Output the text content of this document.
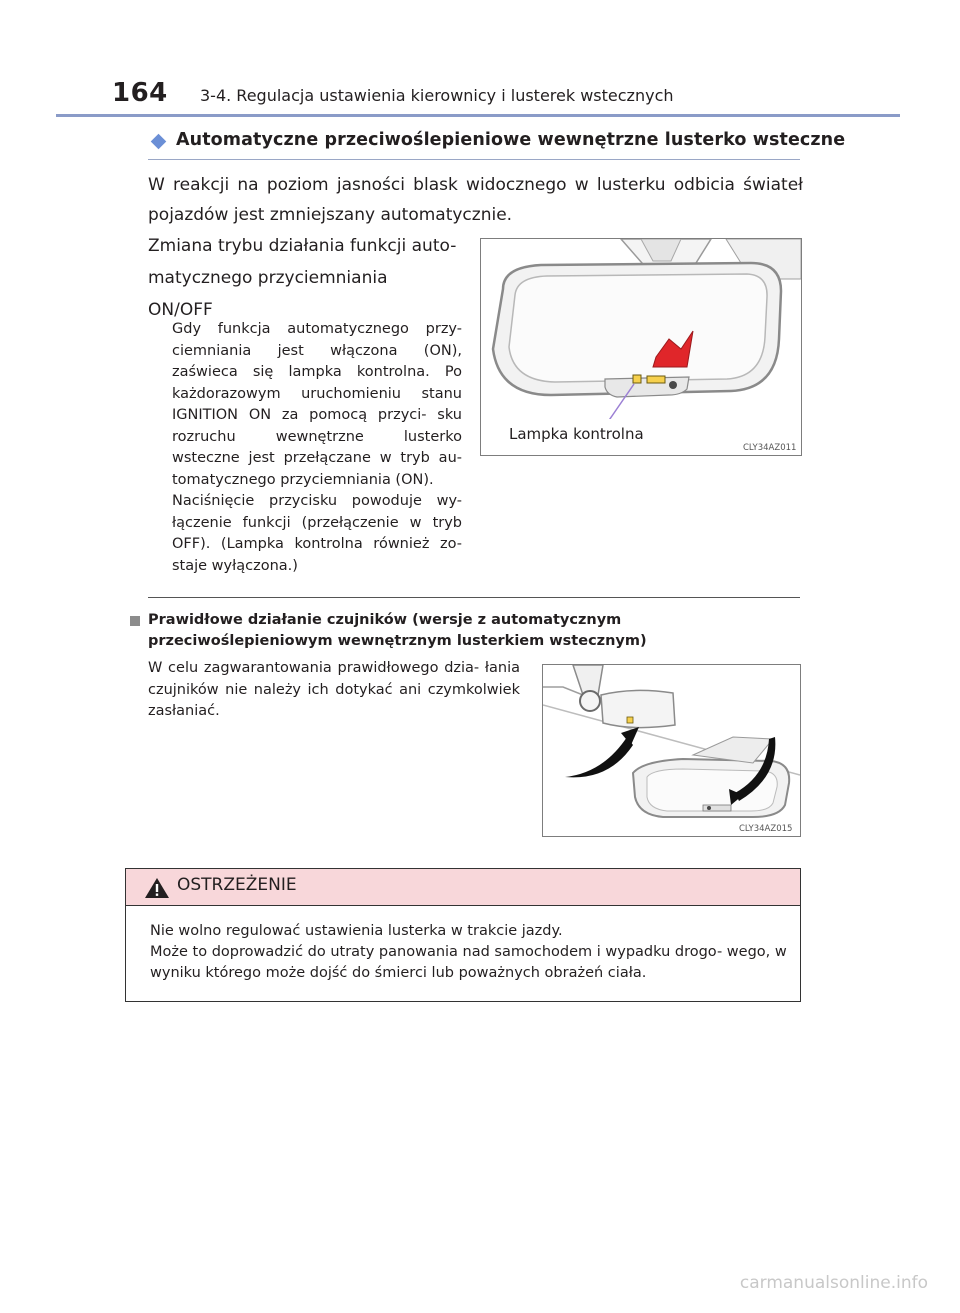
164 3-4. Regulacja ustawienia kierownicy i lusterek wstecznych
Automatyczne przeciwoślepieniowe wewnętrzne lusterko wsteczne
W reakcji na poziom jasności blask widocznego w lusterku odbicia świateł pojazdów jest zmniejszany automatycznie.
Zmiana trybu działania funkcji auto-
matycznego przyciemniania
ON/OFF
Gdy funkcja automatycznego przy- ciemniania jest włączona (ON), zaświeca się lampka kontrolna. Po każdorazowym uruchomieniu stanu IGNITION ON za pomocą przyci- sku rozruchu wewnętrzne lusterko wsteczne jest przełączane w tryb au- tomatycznego przyciemniania (ON).
Naciśnięcie przycisku powoduje wy- łączenie funkcji (przełączenie w tryb OFF). (Lampka kontrolna również zo- staje wyłączona.)
Lampka kontrolna
CLY34AZ011
Prawidłowe działanie czujników (wersje z automatycznym przeciwoślepieniowym wewnętrznym lusterkiem wstecznym)
W celu zagwarantowania prawidłowego dzia- łania czujników nie należy ich dotykać ani czymkolwiek zasłaniać.
CLY34AZ015
OSTRZEŻENIE
Nie wolno regulować ustawienia lusterka w trakcie jazdy.
Może to doprowadzić do utraty panowania nad samochodem i wypadku drogo- wego, w wyniku którego może dojść do śmierci lub poważnych obrażeń ciała.
carmanualsonline.info
